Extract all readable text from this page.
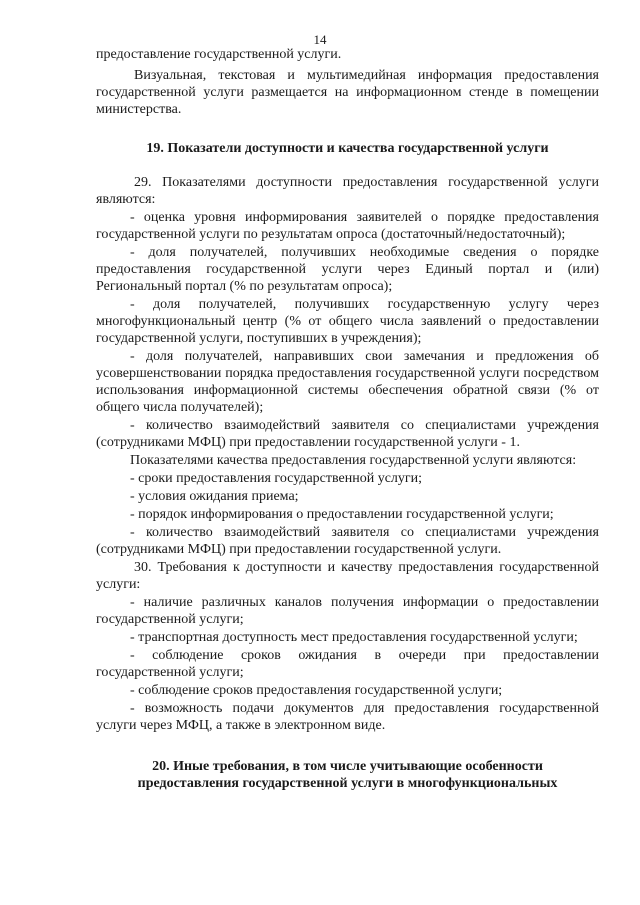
14

предоставление государственной услуги.

Визуальная, текстовая и мультимедийная информация предоставления государственной услуги размещается на информационном стенде в помещении министерства.

19. Показатели доступности и качества государственной услуги

29. Показателями доступности предоставления государственной услуги являются:

- оценка уровня информирования заявителей о порядке предоставления государственной услуги по результатам опроса (достаточный/недостаточный);

- доля получателей, получивших необходимые сведения о порядке предоставления государственной услуги через Единый портал и (или) Региональный портал (% по результатам опроса);

- доля получателей, получивших государственную услугу через многофункциональный центр (% от общего числа заявлений о предоставлении государственной услуги, поступивших в учреждения);

- доля получателей, направивших свои замечания и предложения об усовершенствовании порядка предоставления государственной услуги посредством использования информационной системы обеспечения обратной связи (% от общего числа получателей);

- количество взаимодействий заявителя со специалистами учреждения (сотрудниками МФЦ) при предоставлении государственной услуги - 1.

Показателями качества предоставления государственной услуги являются:

- сроки предоставления государственной услуги;

- условия ожидания приема;

- порядок информирования о предоставлении государственной услуги;

- количество взаимодействий заявителя со специалистами учреждения (сотрудниками МФЦ) при предоставлении государственной услуги.

30. Требования к доступности и качеству предоставления государственной услуги:

- наличие различных каналов получения информации о предоставлении государственной услуги;

- транспортная доступность мест предоставления государственной услуги;

- соблюдение сроков ожидания в очереди при предоставлении государственной услуги;

- соблюдение сроков предоставления государственной услуги;

- возможность подачи документов для предоставления государственной услуги через МФЦ, а также в электронном виде.

20. Иные требования, в том числе учитывающие особенности
предоставления государственной услуги в многофункциональных
